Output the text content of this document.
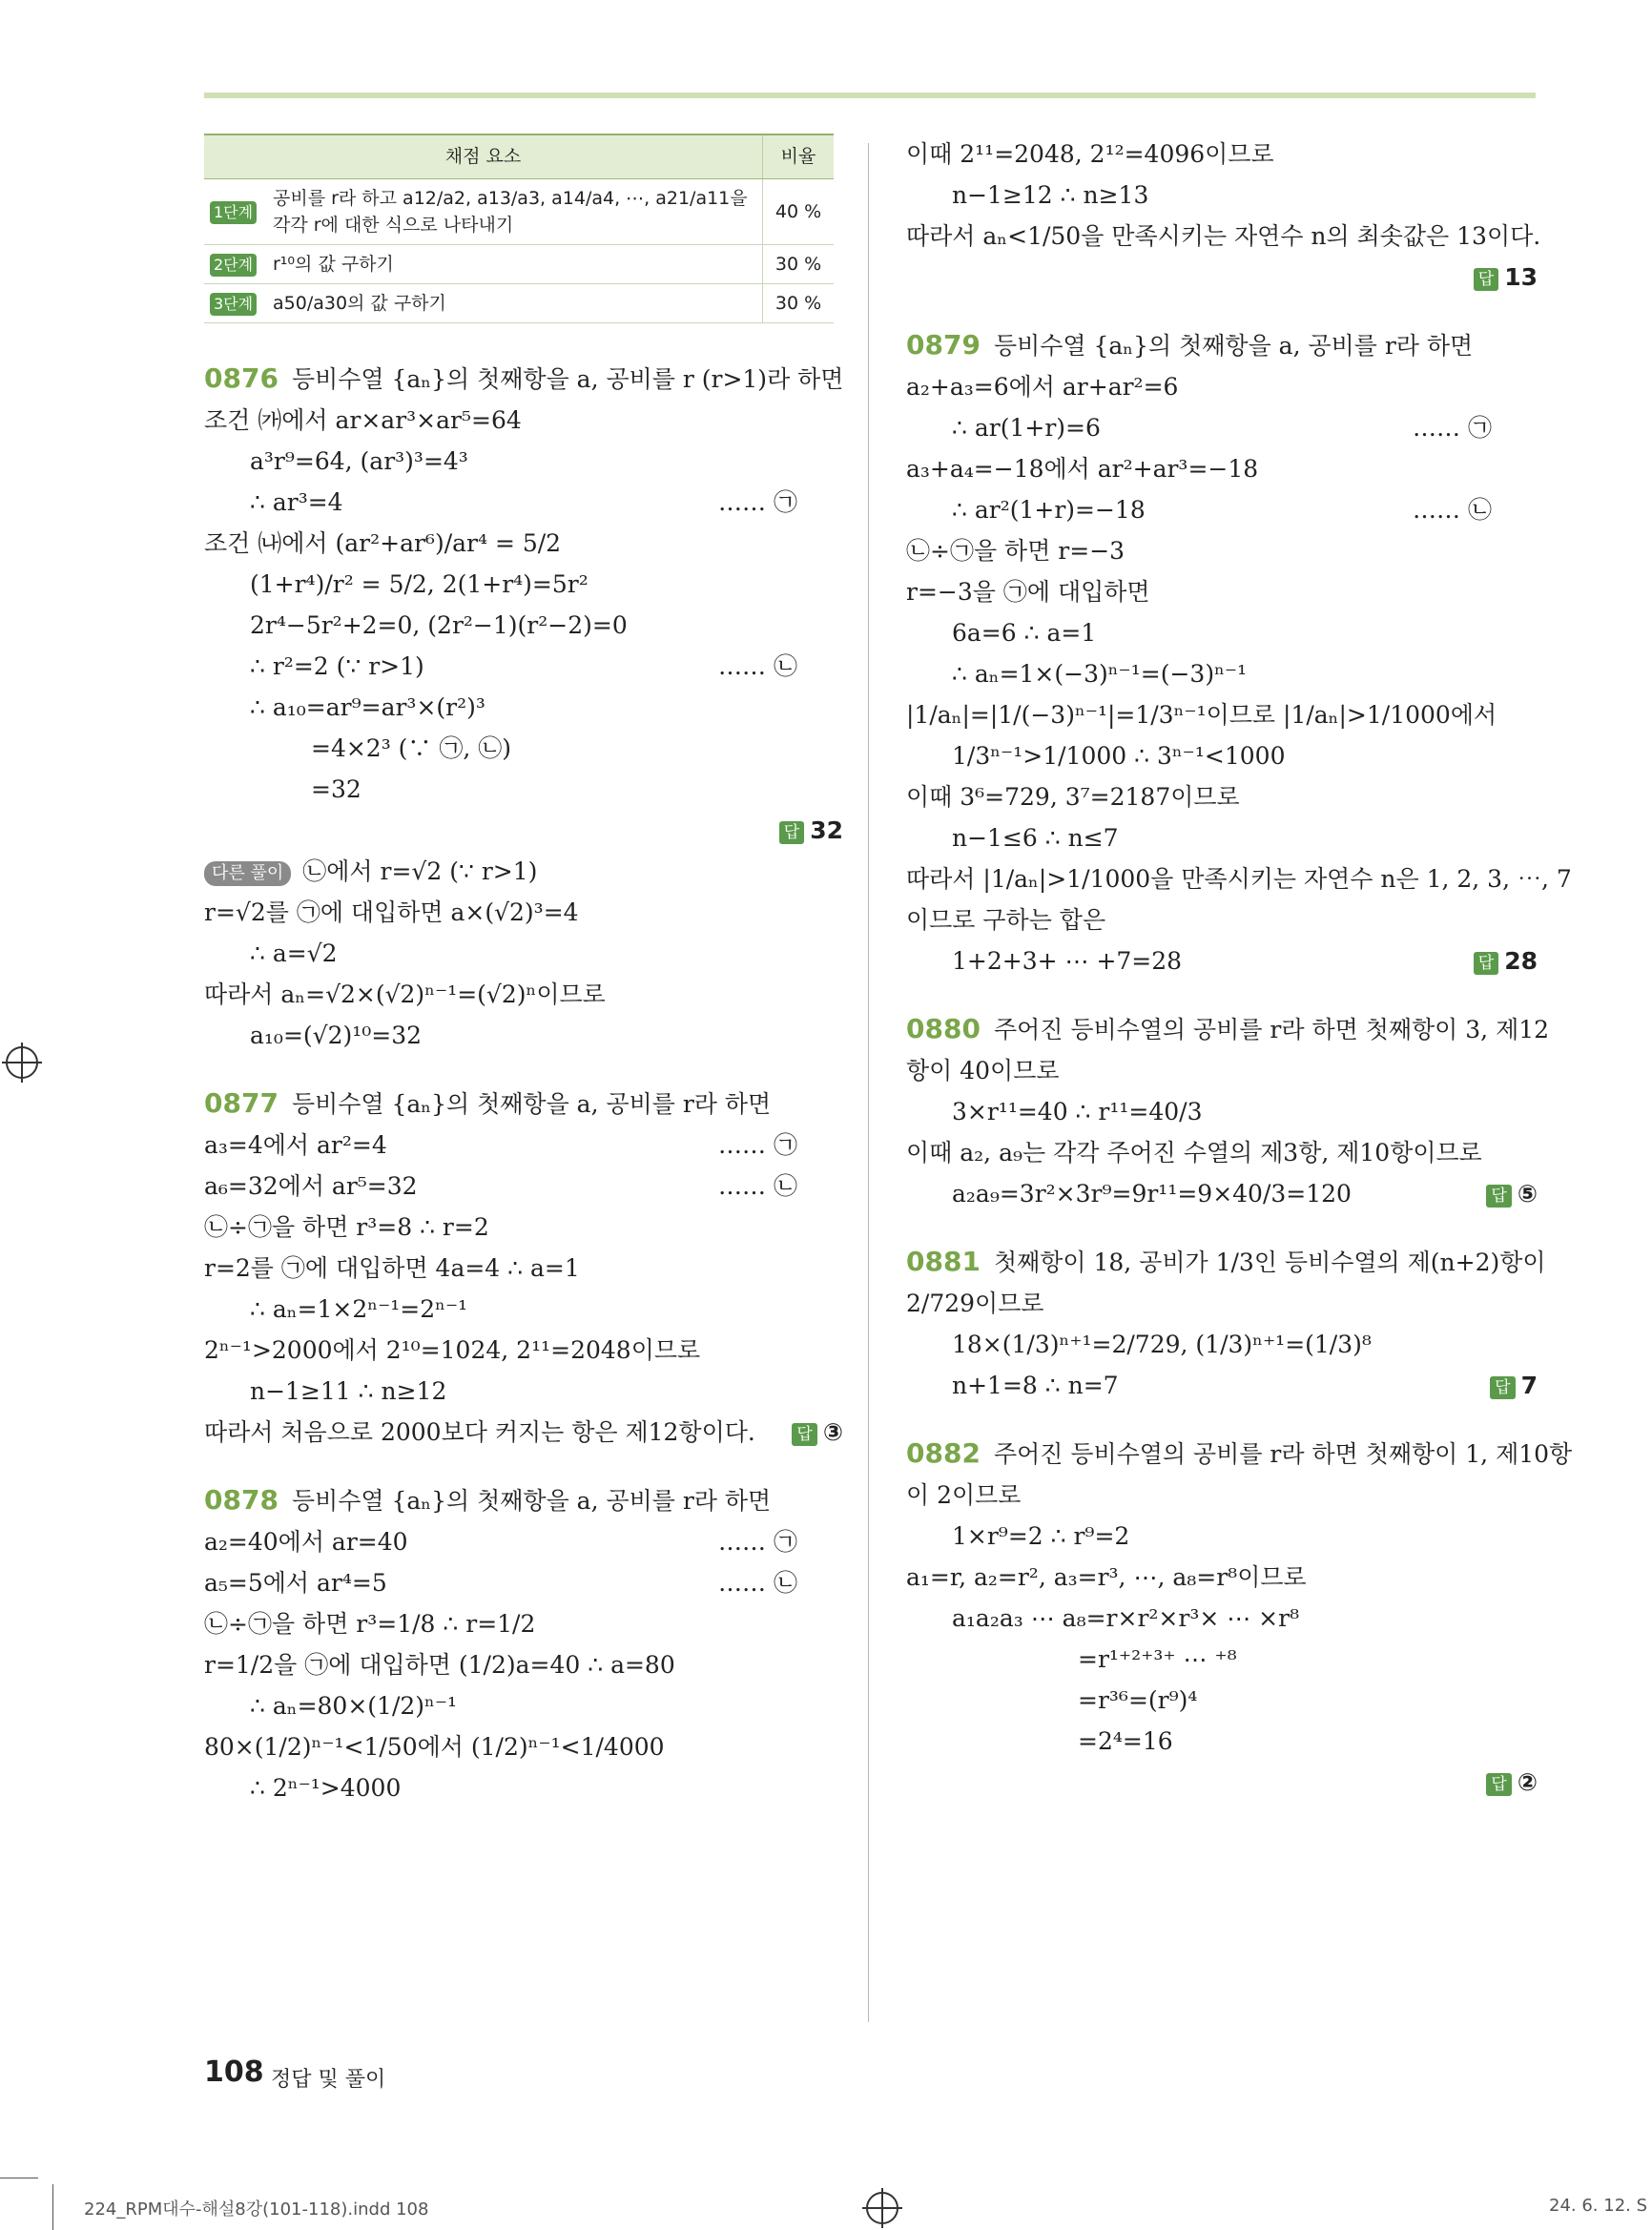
채점 요소		비율
1단계	공비를 r라 하고 a12/a2, a13/a3, a14/a4, ⋯, a21/a11을 각각 r에 대한 식으로 나타내기	40 %
2단계	r¹⁰의 값 구하기	30 %
3단계	a50/a30의 값 구하기	30 %
0876 등비수열 {aₙ}의 첫째항을 a, 공비를 r (r>1)라 하면
조건 ㈎에서 ar×ar³×ar⁵=64
a³r⁹=64, (ar³)³=4³
∴ ar³=4	…… ㉠
조건 ㈏에서 (ar²+ar⁶)/ar⁴ = 5/2
(1+r⁴)/r² = 5/2, 2(1+r⁴)=5r²
2r⁴−5r²+2=0, (2r²−1)(r²−2)=0
∴ r²=2 (∵ r>1)	…… ㉡
∴ a₁₀=ar⁹=ar³×(r²)³
=4×2³ (∵ ㉠, ㉡)
=32
답 32
다른 풀이 ㉡에서 r=√2 (∵ r>1)
r=√2를 ㉠에 대입하면 a×(√2)³=4
∴ a=√2
따라서 aₙ=√2×(√2)ⁿ⁻¹=(√2)ⁿ이므로
a₁₀=(√2)¹⁰=32
0877 등비수열 {aₙ}의 첫째항을 a, 공비를 r라 하면
a₃=4에서 ar²=4	…… ㉠
a₆=32에서 ar⁵=32	…… ㉡
㉡÷㉠을 하면 r³=8 ∴ r=2
r=2를 ㉠에 대입하면 4a=4 ∴ a=1
∴ aₙ=1×2ⁿ⁻¹=2ⁿ⁻¹
2ⁿ⁻¹>2000에서 2¹⁰=1024, 2¹¹=2048이므로
n−1≥11 ∴ n≥12
따라서 처음으로 2000보다 커지는 항은 제12항이다.	답 ③
0878 등비수열 {aₙ}의 첫째항을 a, 공비를 r라 하면
a₂=40에서 ar=40	…… ㉠
a₅=5에서 ar⁴=5	…… ㉡
㉡÷㉠을 하면 r³=1/8 ∴ r=1/2
r=1/2을 ㉠에 대입하면 (1/2)a=40 ∴ a=80
∴ aₙ=80×(1/2)ⁿ⁻¹
80×(1/2)ⁿ⁻¹<1/50에서 (1/2)ⁿ⁻¹<1/4000
∴ 2ⁿ⁻¹>4000
이때 2¹¹=2048, 2¹²=4096이므로
n−1≥12 ∴ n≥13
따라서 aₙ<1/50을 만족시키는 자연수 n의 최솟값은 13이다.
답 13
0879 등비수열 {aₙ}의 첫째항을 a, 공비를 r라 하면
a₂+a₃=6에서 ar+ar²=6
∴ ar(1+r)=6	…… ㉠
a₃+a₄=−18에서 ar²+ar³=−18
∴ ar²(1+r)=−18	…… ㉡
㉡÷㉠을 하면 r=−3
r=−3을 ㉠에 대입하면
6a=6 ∴ a=1
∴ aₙ=1×(−3)ⁿ⁻¹=(−3)ⁿ⁻¹
|1/aₙ|=|1/(−3)ⁿ⁻¹|=1/3ⁿ⁻¹이므로 |1/aₙ|>1/1000에서
1/3ⁿ⁻¹>1/1000 ∴ 3ⁿ⁻¹<1000
이때 3⁶=729, 3⁷=2187이므로
n−1≤6 ∴ n≤7
따라서 |1/aₙ|>1/1000을 만족시키는 자연수 n은 1, 2, 3, ⋯, 7
이므로 구하는 합은
1+2+3+ ⋯ +7=28	답 28
0880 주어진 등비수열의 공비를 r라 하면 첫째항이 3, 제12
항이 40이므로
3×r¹¹=40 ∴ r¹¹=40/3
이때 a₂, a₉는 각각 주어진 수열의 제3항, 제10항이므로
a₂a₉=3r²×3r⁹=9r¹¹=9×40/3=120	답 ⑤
0881 첫째항이 18, 공비가 1/3인 등비수열의 제(n+2)항이
2/729이므로
18×(1/3)ⁿ⁺¹=2/729, (1/3)ⁿ⁺¹=(1/3)⁸
n+1=8 ∴ n=7	답 7
0882 주어진 등비수열의 공비를 r라 하면 첫째항이 1, 제10항
이 2이므로
1×r⁹=2 ∴ r⁹=2
a₁=r, a₂=r², a₃=r³, ⋯, a₈=r⁸이므로
a₁a₂a₃ ⋯ a₈=r×r²×r³× ⋯ ×r⁸
=r¹⁺²⁺³⁺ ⋯ ⁺⁸
=r³⁶=(r⁹)⁴
=2⁴=16
답 ②
108 정답 및 풀이
224_RPM대수-해설8강(101-118).indd 108	24. 6. 12. S
